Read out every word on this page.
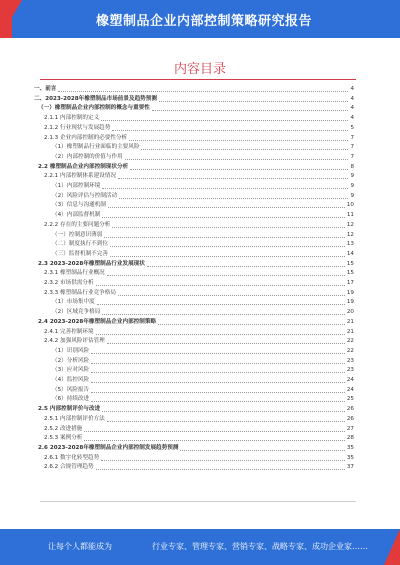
橡塑制品企业内部控制策略研究报告
内容目录
一、前言	4
二、2023-2028年橡塑制品市场前景及趋势预测	4
（一）橡塑制品企业内部控制的概念与重要性	4
2.1.1 内部控制的定义	4
2.1.2 行业现状与发展趋势	5
2.1.3 企业内部控制的必要性分析	7
（1）橡塑制品行业面临的主要风险	7
（2）内部控制的价值与作用	7
2.2 橡塑制品企业内部控制现状分析	8
2.2.1 内部控制体系建设情况	9
（1）内部控制环境	9
（2）风险评估与控制活动	9
（3）信息与沟通机制	10
（4）内部监督机制	11
2.2.2 存在的主要问题分析	12
（一）控制意识薄弱	12
（二）制度执行不到位	13
（三）监督机制不完善	14
2.3 2023-2028年橡塑制品行业发展现状	15
2.3.1 橡塑制品行业概况	15
2.3.2 市场供需分析	17
2.3.3 橡塑制品行业竞争格局	19
（1）市场集中度	19
（2）区域竞争格局	20
2.4 2023-2028年橡塑制品企业内部控制策略	21
2.4.1 完善控制环境	21
2.4.2 加强风险评估管理	22
（1）识别风险	22
（2）分析风险	23
（3）应对风险	23
（4）监控风险	24
（5）风险报告	24
（6）持续改进	25
2.5 内部控制评价与改进	26
2.5.1 内部控制评价方法	26
2.5.2 改进措施	27
2.5.3 案例分析	28
2.6 2023-2028年橡塑制品企业内部控制发展趋势预测	35
2.6.1 数字化转型趋势	35
2.6.2 合规管理趋势	37
让每个人都能成为	行业专家、管理专家、营销专家、战略专家、成功企业家……
